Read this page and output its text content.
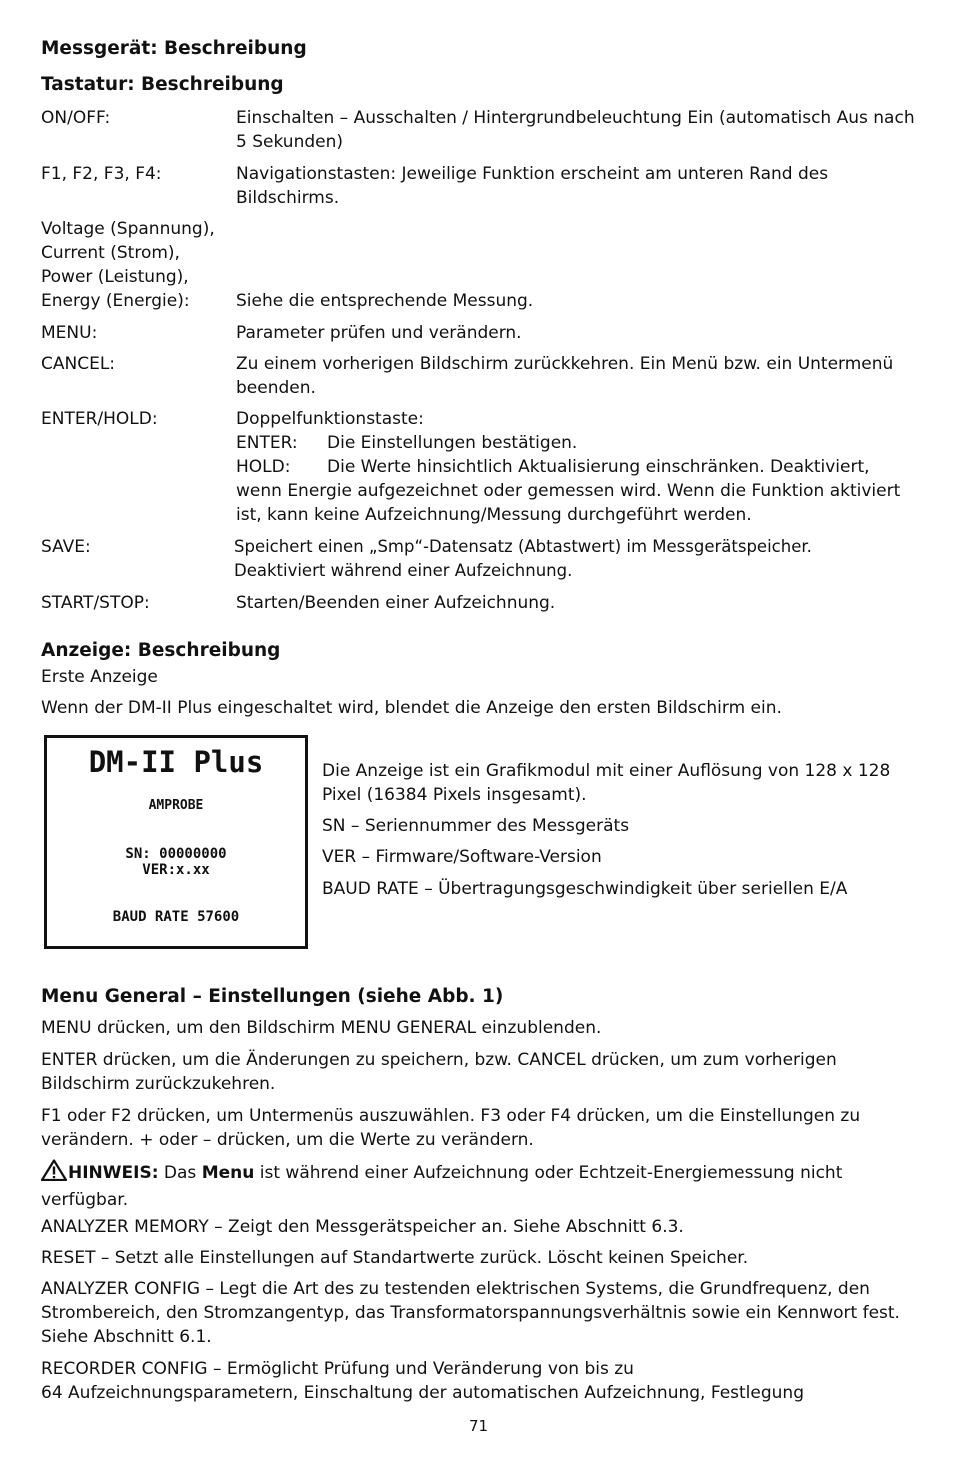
Messgerät: Beschreibung
Tastatur: Beschreibung
ON/OFF:	Einschalten – Ausschalten / Hintergrundbeleuchtung Ein (automatisch Aus nach 5 Sekunden)
F1, F2, F3, F4:	Navigationstasten: Jeweilige Funktion erscheint am unteren Rand des Bildschirms.
Voltage (Spannung), Current (Strom), Power (Leistung), Energy (Energie):	Siehe die entsprechende Messung.
MENU:	Parameter prüfen und verändern.
CANCEL:	Zu einem vorherigen Bildschirm zurückkehren. Ein Menü bzw. ein Untermenü beenden.
ENTER/HOLD:	Doppelfunktionstaste:
ENTER: Die Einstellungen bestätigen.
HOLD: Die Werte hinsichtlich Aktualisierung einschränken. Deaktiviert, wenn Energie aufgezeichnet oder gemessen wird. Wenn die Funktion aktiviert ist, kann keine Aufzeichnung/Messung durchgeführt werden.
SAVE:	Speichert einen „Smp“-Datensatz (Abtastwert) im Messgerätspeicher. Deaktiviert während einer Aufzeichnung.
START/STOP:	Starten/Beenden einer Aufzeichnung.
Anzeige: Beschreibung
Erste Anzeige
Wenn der DM-II Plus eingeschaltet wird, blendet die Anzeige den ersten Bildschirm ein.
DM-II Plus
AMPROBE
SN: 00000000
VER:x.xx
BAUD RATE 57600
Die Anzeige ist ein Grafikmodul mit einer Auflösung von 128 x 128 Pixel (16384 Pixels insgesamt).
SN – Seriennummer des Messgeräts
VER – Firmware/Software-Version
BAUD RATE – Übertragungsgeschwindigkeit über seriellen E/A
Menu General – Einstellungen (siehe Abb. 1)
MENU drücken, um den Bildschirm MENU GENERAL einzublenden.
ENTER drücken, um die Änderungen zu speichern, bzw. CANCEL drücken, um zum vorherigen Bildschirm zurückzukehren.
F1 oder F2 drücken, um Untermenüs auszuwählen. F3 oder F4 drücken, um die Einstellungen zu verändern. + oder – drücken, um die Werte zu verändern.
HINWEIS: Das Menu ist während einer Aufzeichnung oder Echtzeit-Energiemessung nicht verfügbar.
ANALYZER MEMORY – Zeigt den Messgerätspeicher an. Siehe Abschnitt 6.3.
RESET – Setzt alle Einstellungen auf Standartwerte zurück. Löscht keinen Speicher.
ANALYZER CONFIG – Legt die Art des zu testenden elektrischen Systems, die Grundfrequenz, den Strombereich, den Stromzangentyp, das Transformatorspannungsverhältnis sowie ein Kennwort fest. Siehe Abschnitt 6.1.
RECORDER CONFIG – Ermöglicht Prüfung und Veränderung von bis zu
64 Aufzeichnungsparametern, Einschaltung der automatischen Aufzeichnung, Festlegung
71
